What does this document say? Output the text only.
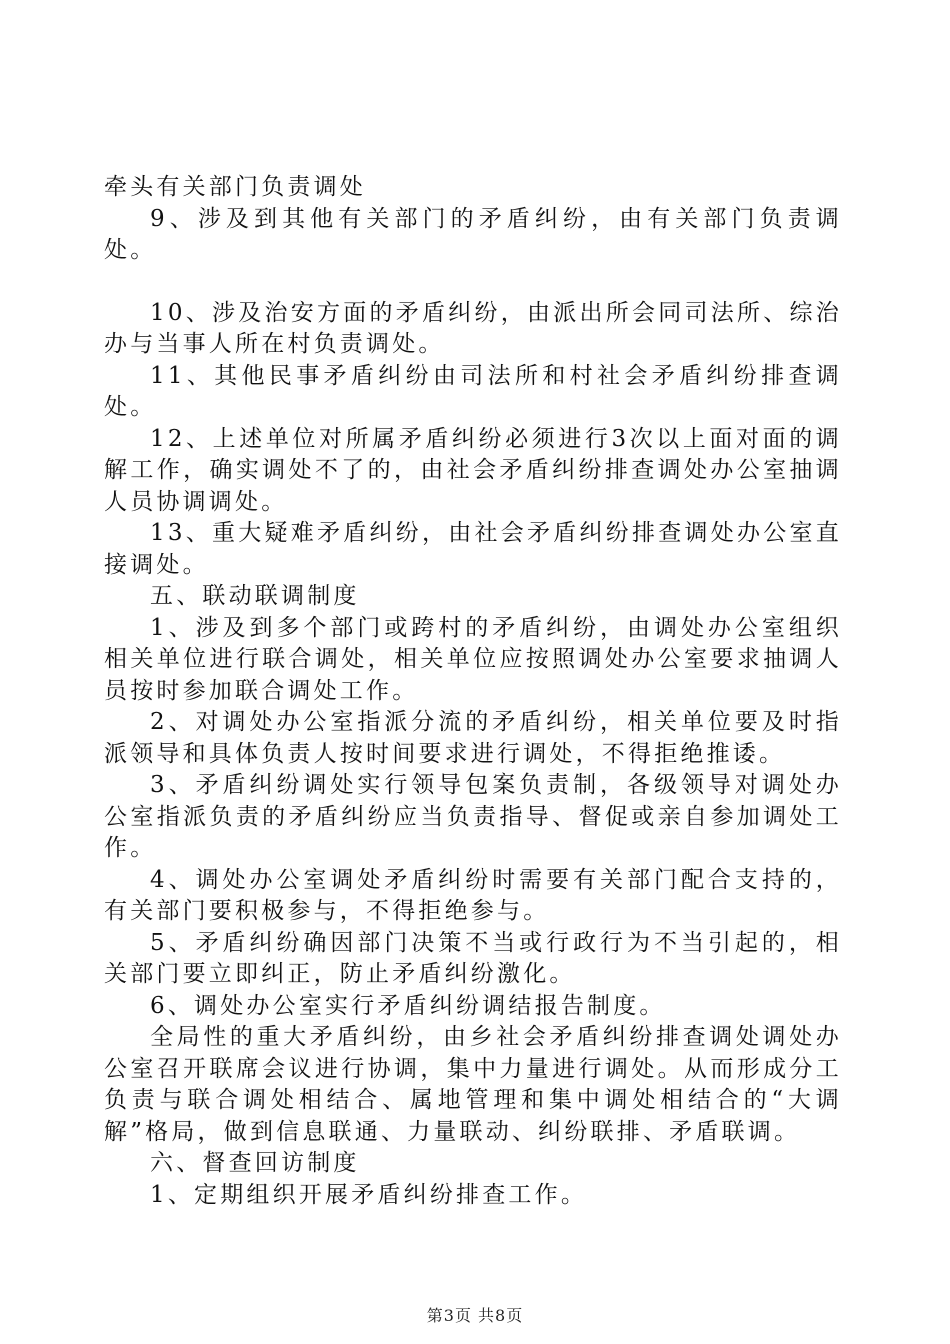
牵头有关部门负责调处

9、涉及到其他有关部门的矛盾纠纷，由有关部门负责调处。

10、涉及治安方面的矛盾纠纷，由派出所会同司法所、综治办与当事人所在村负责调处。

11、其他民事矛盾纠纷由司法所和村社会矛盾纠纷排查调处。

12、上述单位对所属矛盾纠纷必须进行3次以上面对面的调解工作，确实调处不了的，由社会矛盾纠纷排查调处办公室抽调人员协调调处。

13、重大疑难矛盾纠纷，由社会矛盾纠纷排查调处办公室直接调处。

五、联动联调制度

1、涉及到多个部门或跨村的矛盾纠纷，由调处办公室组织相关单位进行联合调处，相关单位应按照调处办公室要求抽调人员按时参加联合调处工作。

2、对调处办公室指派分流的矛盾纠纷，相关单位要及时指派领导和具体负责人按时间要求进行调处，不得拒绝推诿。

3、矛盾纠纷调处实行领导包案负责制，各级领导对调处办公室指派负责的矛盾纠纷应当负责指导、督促或亲自参加调处工作。

4、调处办公室调处矛盾纠纷时需要有关部门配合支持的，有关部门要积极参与，不得拒绝参与。

5、矛盾纠纷确因部门决策不当或行政行为不当引起的，相关部门要立即纠正，防止矛盾纠纷激化。

6、调处办公室实行矛盾纠纷调结报告制度。

全局性的重大矛盾纠纷，由乡社会矛盾纠纷排查调处调处办公室召开联席会议进行协调，集中力量进行调处。从而形成分工负责与联合调处相结合、属地管理和集中调处相结合的“大调解”格局，做到信息联通、力量联动、纠纷联排、矛盾联调。

六、督查回访制度

1、定期组织开展矛盾纠纷排查工作。

第3页 共8页
